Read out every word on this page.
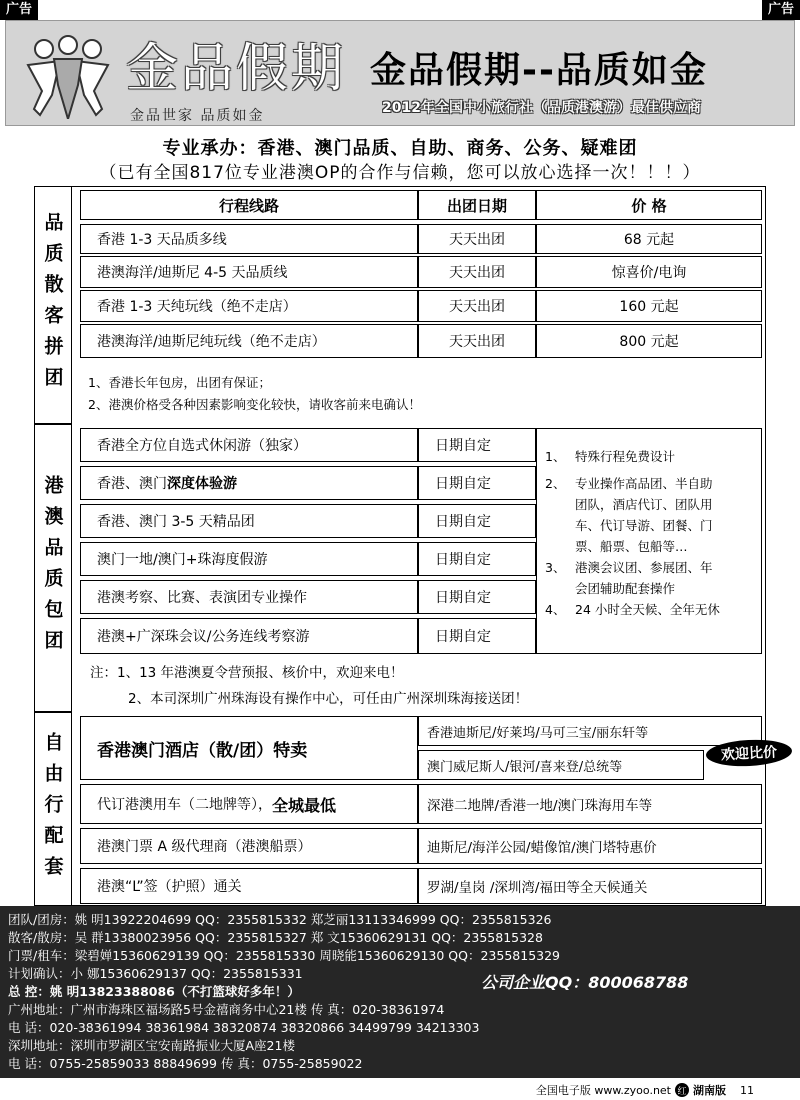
广告	广告
金品假期
金品世家 品质如金
金品假期--品质如金
2012年全国中小旅行社（品质港澳游）最佳供应商
专业承办：香港、澳门品质、自助、商务、公务、疑难团
（已有全国817位专业港澳OP的合作与信赖，您可以放心选择一次！！！）
品质散客拼团
行程线路	出团日期	价 格
香港 1-3 天品质多线	天天出团	68 元起
港澳海洋/迪斯尼 4-5 天品质线	天天出团	惊喜价/电询
香港 1-3 天纯玩线（绝不走店）	天天出团	160 元起
港澳海洋/迪斯尼纯玩线（绝不走店）	天天出团	800 元起
1、香港长年包房，出团有保证；
2、港澳价格受各种因素影响变化较快，请收客前来电确认！
港澳品质包团
香港全方位自选式休闲游（独家）	日期自定
香港、澳门 深度体验游	日期自定
香港、澳门 3-5 天精品团	日期自定
澳门一地/澳门+珠海度假游	日期自定
港澳考察、比赛、表演团专业操作	日期自定
港澳+广深珠会议/公务连线考察游	日期自定
1、 特殊行程免费设计
2、 专业操作高品团、半自助
团队，酒店代订、团队用
车、代订导游、团餐、门
票、船票、包船等…
3、 港澳会议团、参展团、年
会团辅助配套操作
4、 24 小时全天候、全年无休
注：1、13 年港澳夏令营预报、核价中，欢迎来电！
2、本司深圳广州珠海设有操作中心，可任由广州深圳珠海接送团！
自由行配套	香港澳门酒店（散/团）特卖
香港迪斯尼/好莱坞/马可三宝/丽东轩等
澳门威尼斯人/银河/喜来登/总统等
欢迎比价
代订港澳用车（二地牌等）， 全城最低	深港二地牌/香港一地/澳门珠海用车等
港澳门票 A 级代理商（港澳船票）	迪斯尼/海洋公园/蜡像馆/澳门塔特惠价
港澳“L”签（护照）通关	罗湖/皇岗 /深圳湾/福田等全天候通关
团队/团房：姚 明13922204699 QQ：2355815332 郑芝丽13113346999 QQ：2355815326
散客/散房：吴 群13380023956 QQ：2355815327 郑 文15360629131 QQ：2355815328
门票/租车：梁碧婵15360629139 QQ：2355815330 周晓能15360629130 QQ：2355815329
计划确认：小 娜15360629137 QQ：2355815331
总 控：姚 明13823388086（不打篮球好多年！）
广州地址：广州市海珠区福场路5号金禧商务中心21楼 传 真：020-38361974
电 话：020-38361994 38361984 38320874 38320866 34499799 34213303
深圳地址：深圳市罗湖区宝安南路振业大厦A座21楼
电 话：0755-25859033 88849699 传 真：0755-25859022
公司企业QQ：800068788
全国电子版 www.zyoo.net 红 湖南版 11
